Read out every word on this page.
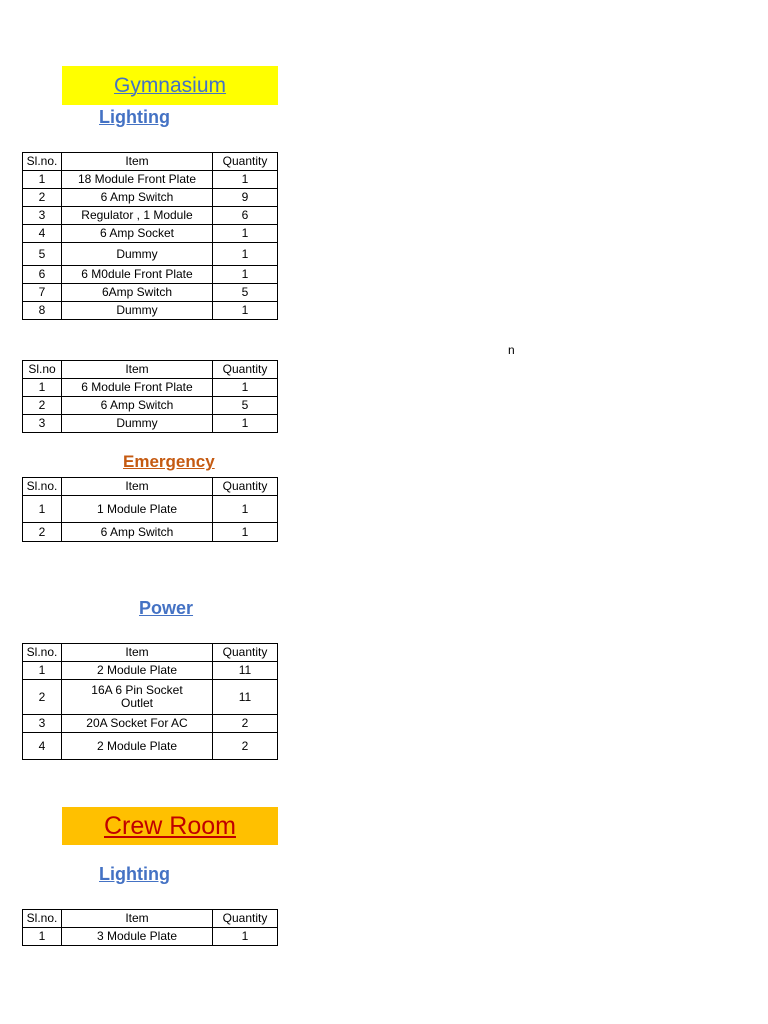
Gymnasium
Lighting
Sl.no.	Item	Quantity
1	18 Module Front Plate	1
2	6 Amp Switch	9
3	Regulator , 1 Module	6
4	6 Amp Socket	1
5	Dummy	1
6	6 M0dule Front Plate	1
7	6Amp Switch	5
8	Dummy	1
n
Sl.no	Item	Quantity
1	6 Module Front Plate	1
2	6 Amp Switch	5
3	Dummy	1
Emergency
Sl.no.	Item	Quantity
1	1 Module Plate	1
2	6 Amp Switch	1
Power
Sl.no.	Item	Quantity
1	2 Module Plate	11
2	16A 6 Pin Socket Outlet	11
3	20A Socket For AC	2
4	2 Module Plate	2
Crew Room
Lighting
Sl.no.	Item	Quantity
1	3 Module Plate	1
